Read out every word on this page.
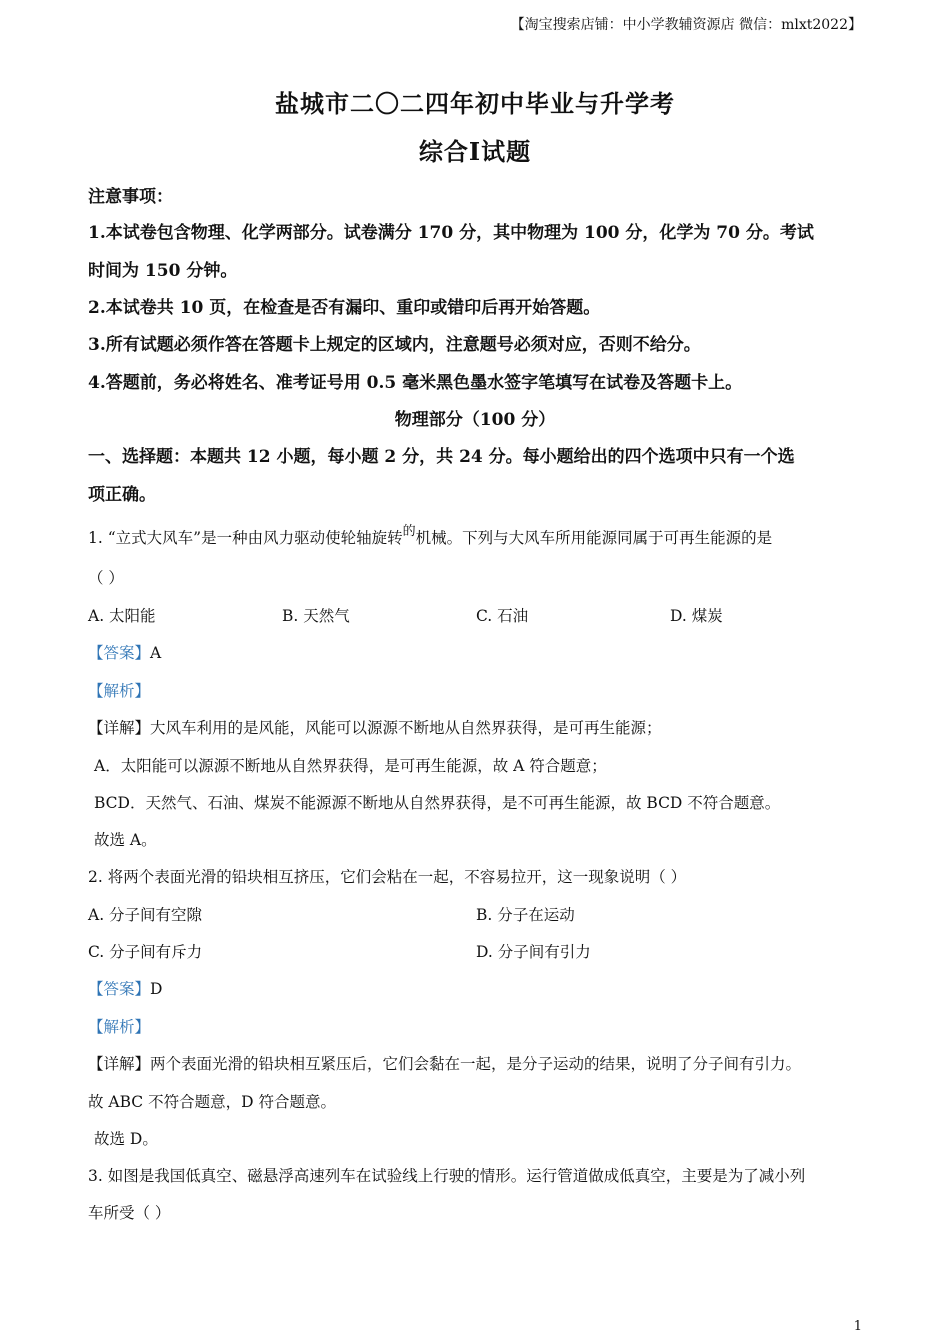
【淘宝搜索店铺：中小学教辅资源店 微信：mlxt2022】
盐城市二〇二四年初中毕业与升学考
综合Ⅰ试题
注意事项：
1.本试卷包含物理、化学两部分。试卷满分 170 分，其中物理为 100 分，化学为 70 分。考试
时间为 150 分钟。
2.本试卷共 10 页，在检查是否有漏印、重印或错印后再开始答题。
3.所有试题必须作答在答题卡上规定的区域内，注意题号必须对应，否则不给分。
4.答题前，务必将姓名、准考证号用 0.5 毫米黑色墨水签字笔填写在试卷及答题卡上。
物理部分（100 分）
一、选择题：本题共 12 小题，每小题 2 分，共 24 分。每小题给出的四个选项中只有一个选
项正确。
1. “立式大风车”是一种由风力驱动使轮轴旋转$^的$机械。下列与大风车所用能源同属于可再生能源的是
（ ）
A. 太阳能	B. 天然气	C. 石油	D. 煤炭
【答案】A
【解析】
【详解】大风车利用的是风能，风能可以源源不断地从自然界获得，是可再生能源；
A．太阳能可以源源不断地从自然界获得，是可再生能源，故 A 符合题意；
BCD．天然气、石油、煤炭不能源源不断地从自然界获得，是不可再生能源，故 BCD 不符合题意。
故选 A。
2. 将两个表面光滑的铅块相互挤压，它们会粘在一起，不容易拉开，这一现象说明（ ）
A. 分子间有空隙	B. 分子在运动
C. 分子间有斥力	D. 分子间有引力
【答案】D
【解析】
【详解】两个表面光滑的铅块相互紧压后，它们会黏在一起，是分子运动的结果，说明了分子间有引力。
故 ABC 不符合题意，D 符合题意。
故选 D。
3. 如图是我国低真空、磁悬浮高速列车在试验线上行驶的情形。运行管道做成低真空，主要是为了减小列
车所受（ ）
1
